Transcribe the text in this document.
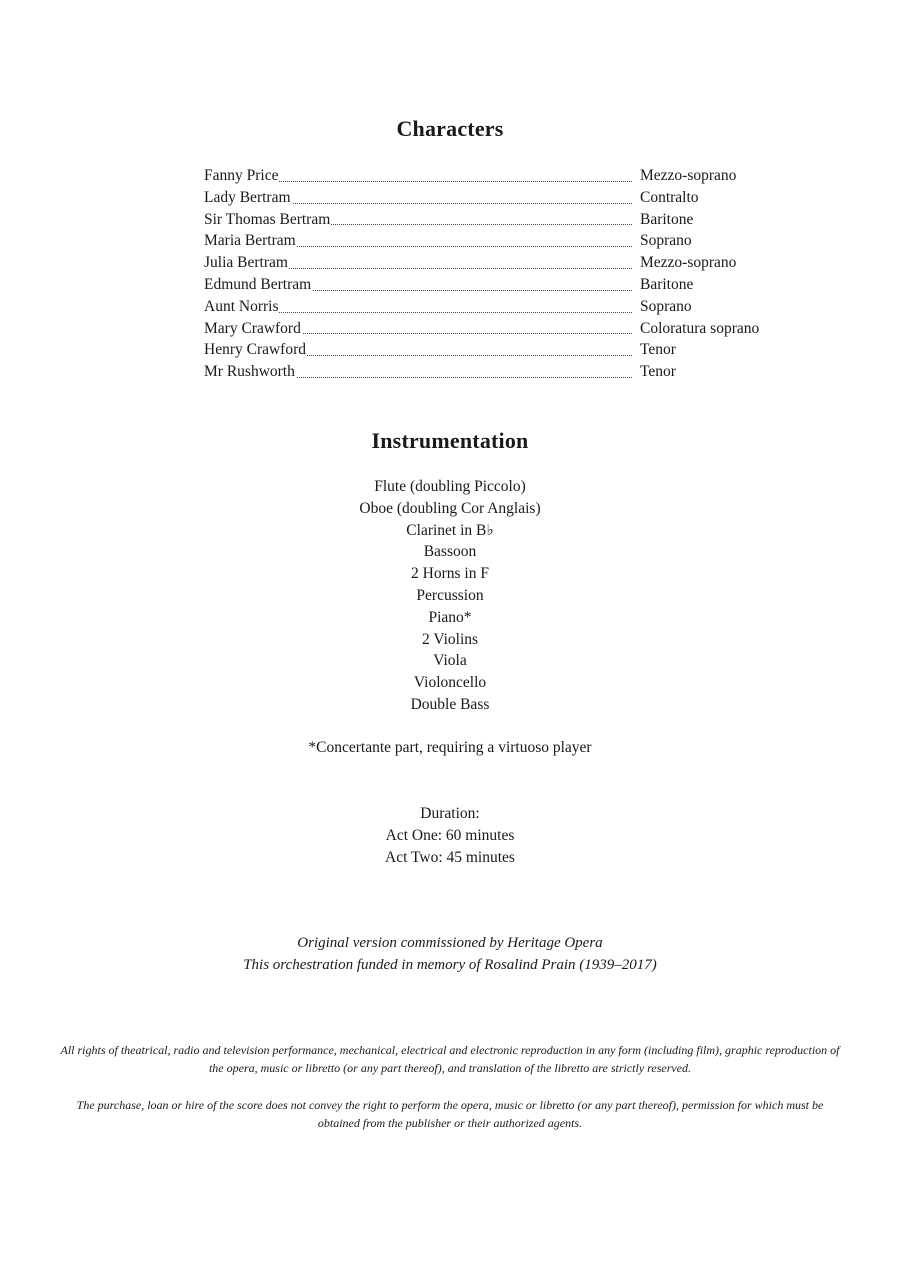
Characters
Fanny Price	Mezzo-soprano
Lady Bertram	Contralto
Sir Thomas Bertram	Baritone
Maria Bertram	Soprano
Julia Bertram	Mezzo-soprano
Edmund Bertram	Baritone
Aunt Norris	Soprano
Mary Crawford	Coloratura soprano
Henry Crawford	Tenor
Mr Rushworth	Tenor
Instrumentation
Flute (doubling Piccolo)
Oboe (doubling Cor Anglais)
Clarinet in B♭
Bassoon
2 Horns in F
Percussion
Piano*
2 Violins
Viola
Violoncello
Double Bass
*Concertante part, requiring a virtuoso player
Duration:
Act One: 60 minutes
Act Two: 45 minutes
Original version commissioned by Heritage Opera
This orchestration funded in memory of Rosalind Prain (1939–2017)
All rights of theatrical, radio and television performance, mechanical, electrical and electronic reproduction in any form (including film), graphic reproduction of the opera, music or libretto (or any part thereof), and translation of the libretto are strictly reserved.
The purchase, loan or hire of the score does not convey the right to perform the opera, music or libretto (or any part thereof), permission for which must be obtained from the publisher or their authorized agents.
